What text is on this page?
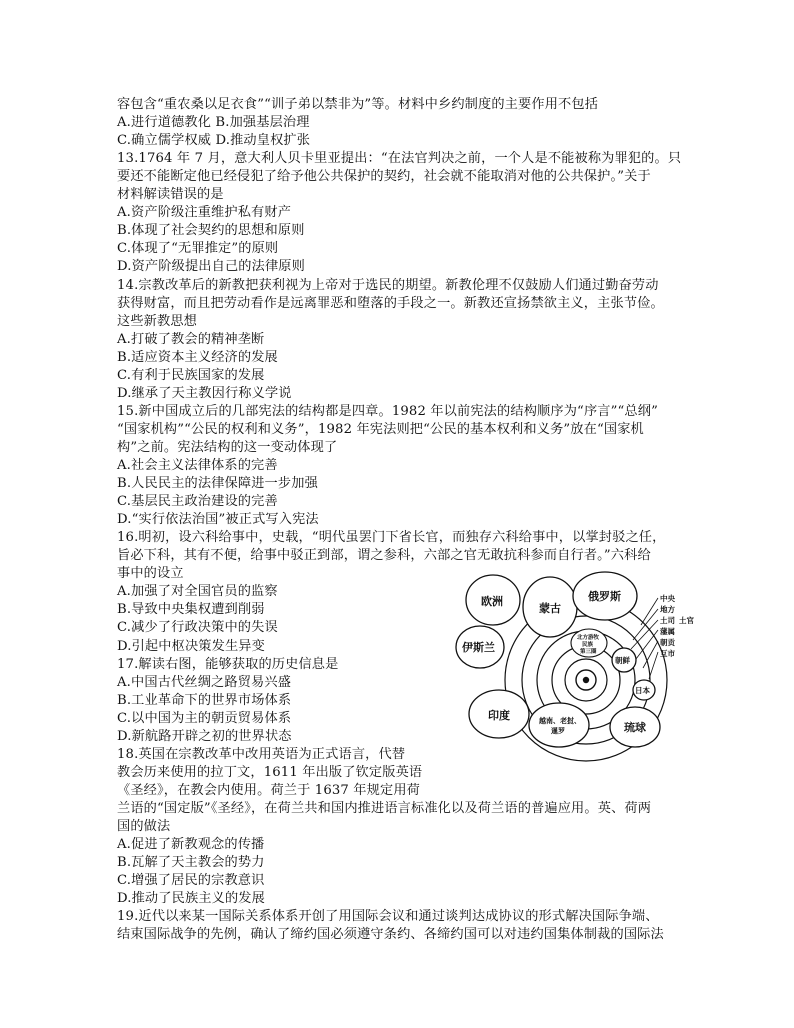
容包含“重农桑以足衣食”“训子弟以禁非为”等。材料中乡约制度的主要作用不包括
A.进行道德教化 B.加强基层治理
C.确立儒学权威 D.推动皇权扩张
13.1764 年 7 月，意大利人贝卡里亚提出：“在法官判决之前，一个人是不能被称为罪犯的。只
要还不能断定他已经侵犯了给予他公共保护的契约，社会就不能取消对他的公共保护。”关于
材料解读错误的是
A.资产阶级注重维护私有财产
B.体现了社会契约的思想和原则
C.体现了“无罪推定”的原则
D.资产阶级提出自己的法律原则
14.宗教改革后的新教把获利视为上帝对于选民的期望。新教伦理不仅鼓励人们通过勤奋劳动
获得财富，而且把劳动看作是远离罪恶和堕落的手段之一。新教还宣扬禁欲主义，主张节俭。
这些新教思想
A.打破了教会的精神垄断
B.适应资本主义经济的发展
C.有利于民族国家的发展
D.继承了天主教因行称义学说
15.新中国成立后的几部宪法的结构都是四章。1982 年以前宪法的结构顺序为“序言”“总纲”
“国家机构”“公民的权利和义务”，1982 年宪法则把“公民的基本权利和义务”放在“国家机
构”之前。宪法结构的这一变动体现了
A.社会主义法律体系的完善
B.人民民主的法律保障进一步加强
C.基层民主政治建设的完善
D.“实行依法治国”被正式写入宪法
16.明初，设六科给事中，史载，“明代虽罢门下省长官，而独存六科给事中，以掌封驳之任，
旨必下科，其有不便，给事中驳正到部，谓之参科，六部之官无敢抗科参而自行者。”六科给
事中的设立
A.加强了对全国官员的监察
B.导致中央集权遭到削弱
C.减少了行政决策中的失误
D.引起中枢决策发生异变
17.解读右图，能够获取的历史信息是
A.中国古代丝绸之路贸易兴盛
B.工业革命下的世界市场体系
C.以中国为主的朝贡贸易体系
D.新航路开辟之初的世界状态
18.英国在宗教改革中改用英语为正式语言，代替
教会历来使用的拉丁文，1611 年出版了钦定版英语
《圣经》，在教会内使用。荷兰于 1637 年规定用荷
兰语的“国定版”《圣经》，在荷兰共和国内推进语言标准化以及荷兰语的普遍应用。英、荷两
国的做法
A.促进了新教观念的传播
B.瓦解了天主教会的势力
C.增强了居民的宗教意识
D.推动了民族主义的发展
19.近代以来某一国际关系体系开创了用国际会议和通过谈判达成协议的形式解决国际争端、
结束国际战争的先例，确认了缔约国必须遵守条约、各缔约国可以对违约国集体制裁的国际法
欧洲
蒙古
俄罗斯
伊斯兰
印度
琉球
朝鲜
日本
越南、老挝、
暹罗
北方游牧
民族
第三圈
中央
地方
土司 土官
藩属
朝贡
互市
